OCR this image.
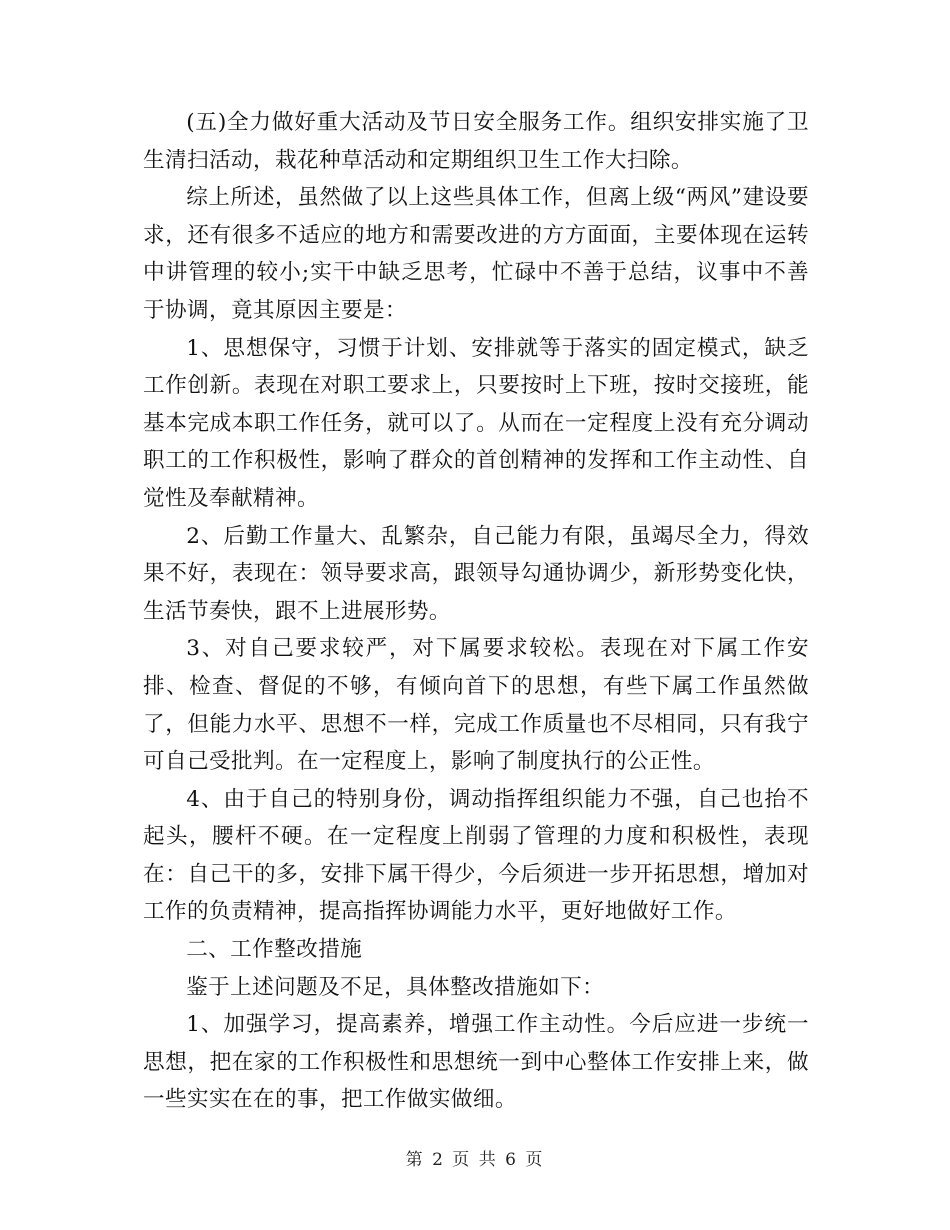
(五)全力做好重大活动及节日安全服务工作。组织安排实施了卫生清扫活动，栽花种草活动和定期组织卫生工作大扫除。

综上所述，虽然做了以上这些具体工作，但离上级“两风”建设要求，还有很多不适应的地方和需要改进的方方面面，主要体现在运转中讲管理的较小;实干中缺乏思考，忙碌中不善于总结，议事中不善于协调，竟其原因主要是：

1、思想保守，习惯于计划、安排就等于落实的固定模式，缺乏工作创新。表现在对职工要求上，只要按时上下班，按时交接班，能基本完成本职工作任务，就可以了。从而在一定程度上没有充分调动职工的工作积极性，影响了群众的首创精神的发挥和工作主动性、自觉性及奉献精神。

2、后勤工作量大、乱繁杂，自己能力有限，虽竭尽全力，得效果不好，表现在：领导要求高，跟领导勾通协调少，新形势变化快，生活节奏快，跟不上进展形势。

3、对自己要求较严，对下属要求较松。表现在对下属工作安排、检查、督促的不够，有倾向首下的思想，有些下属工作虽然做了，但能力水平、思想不一样，完成工作质量也不尽相同，只有我宁可自己受批判。在一定程度上，影响了制度执行的公正性。

4、由于自己的特别身份，调动指挥组织能力不强，自己也抬不起头，腰杆不硬。在一定程度上削弱了管理的力度和积极性，表现在：自己干的多，安排下属干得少，今后须进一步开拓思想，增加对工作的负责精神，提高指挥协调能力水平，更好地做好工作。

二、工作整改措施

鉴于上述问题及不足，具体整改措施如下：

1、加强学习，提高素养，增强工作主动性。今后应进一步统一思想，把在家的工作积极性和思想统一到中心整体工作安排上来，做一些实实在在的事，把工作做实做细。

第 2 页 共 6 页
